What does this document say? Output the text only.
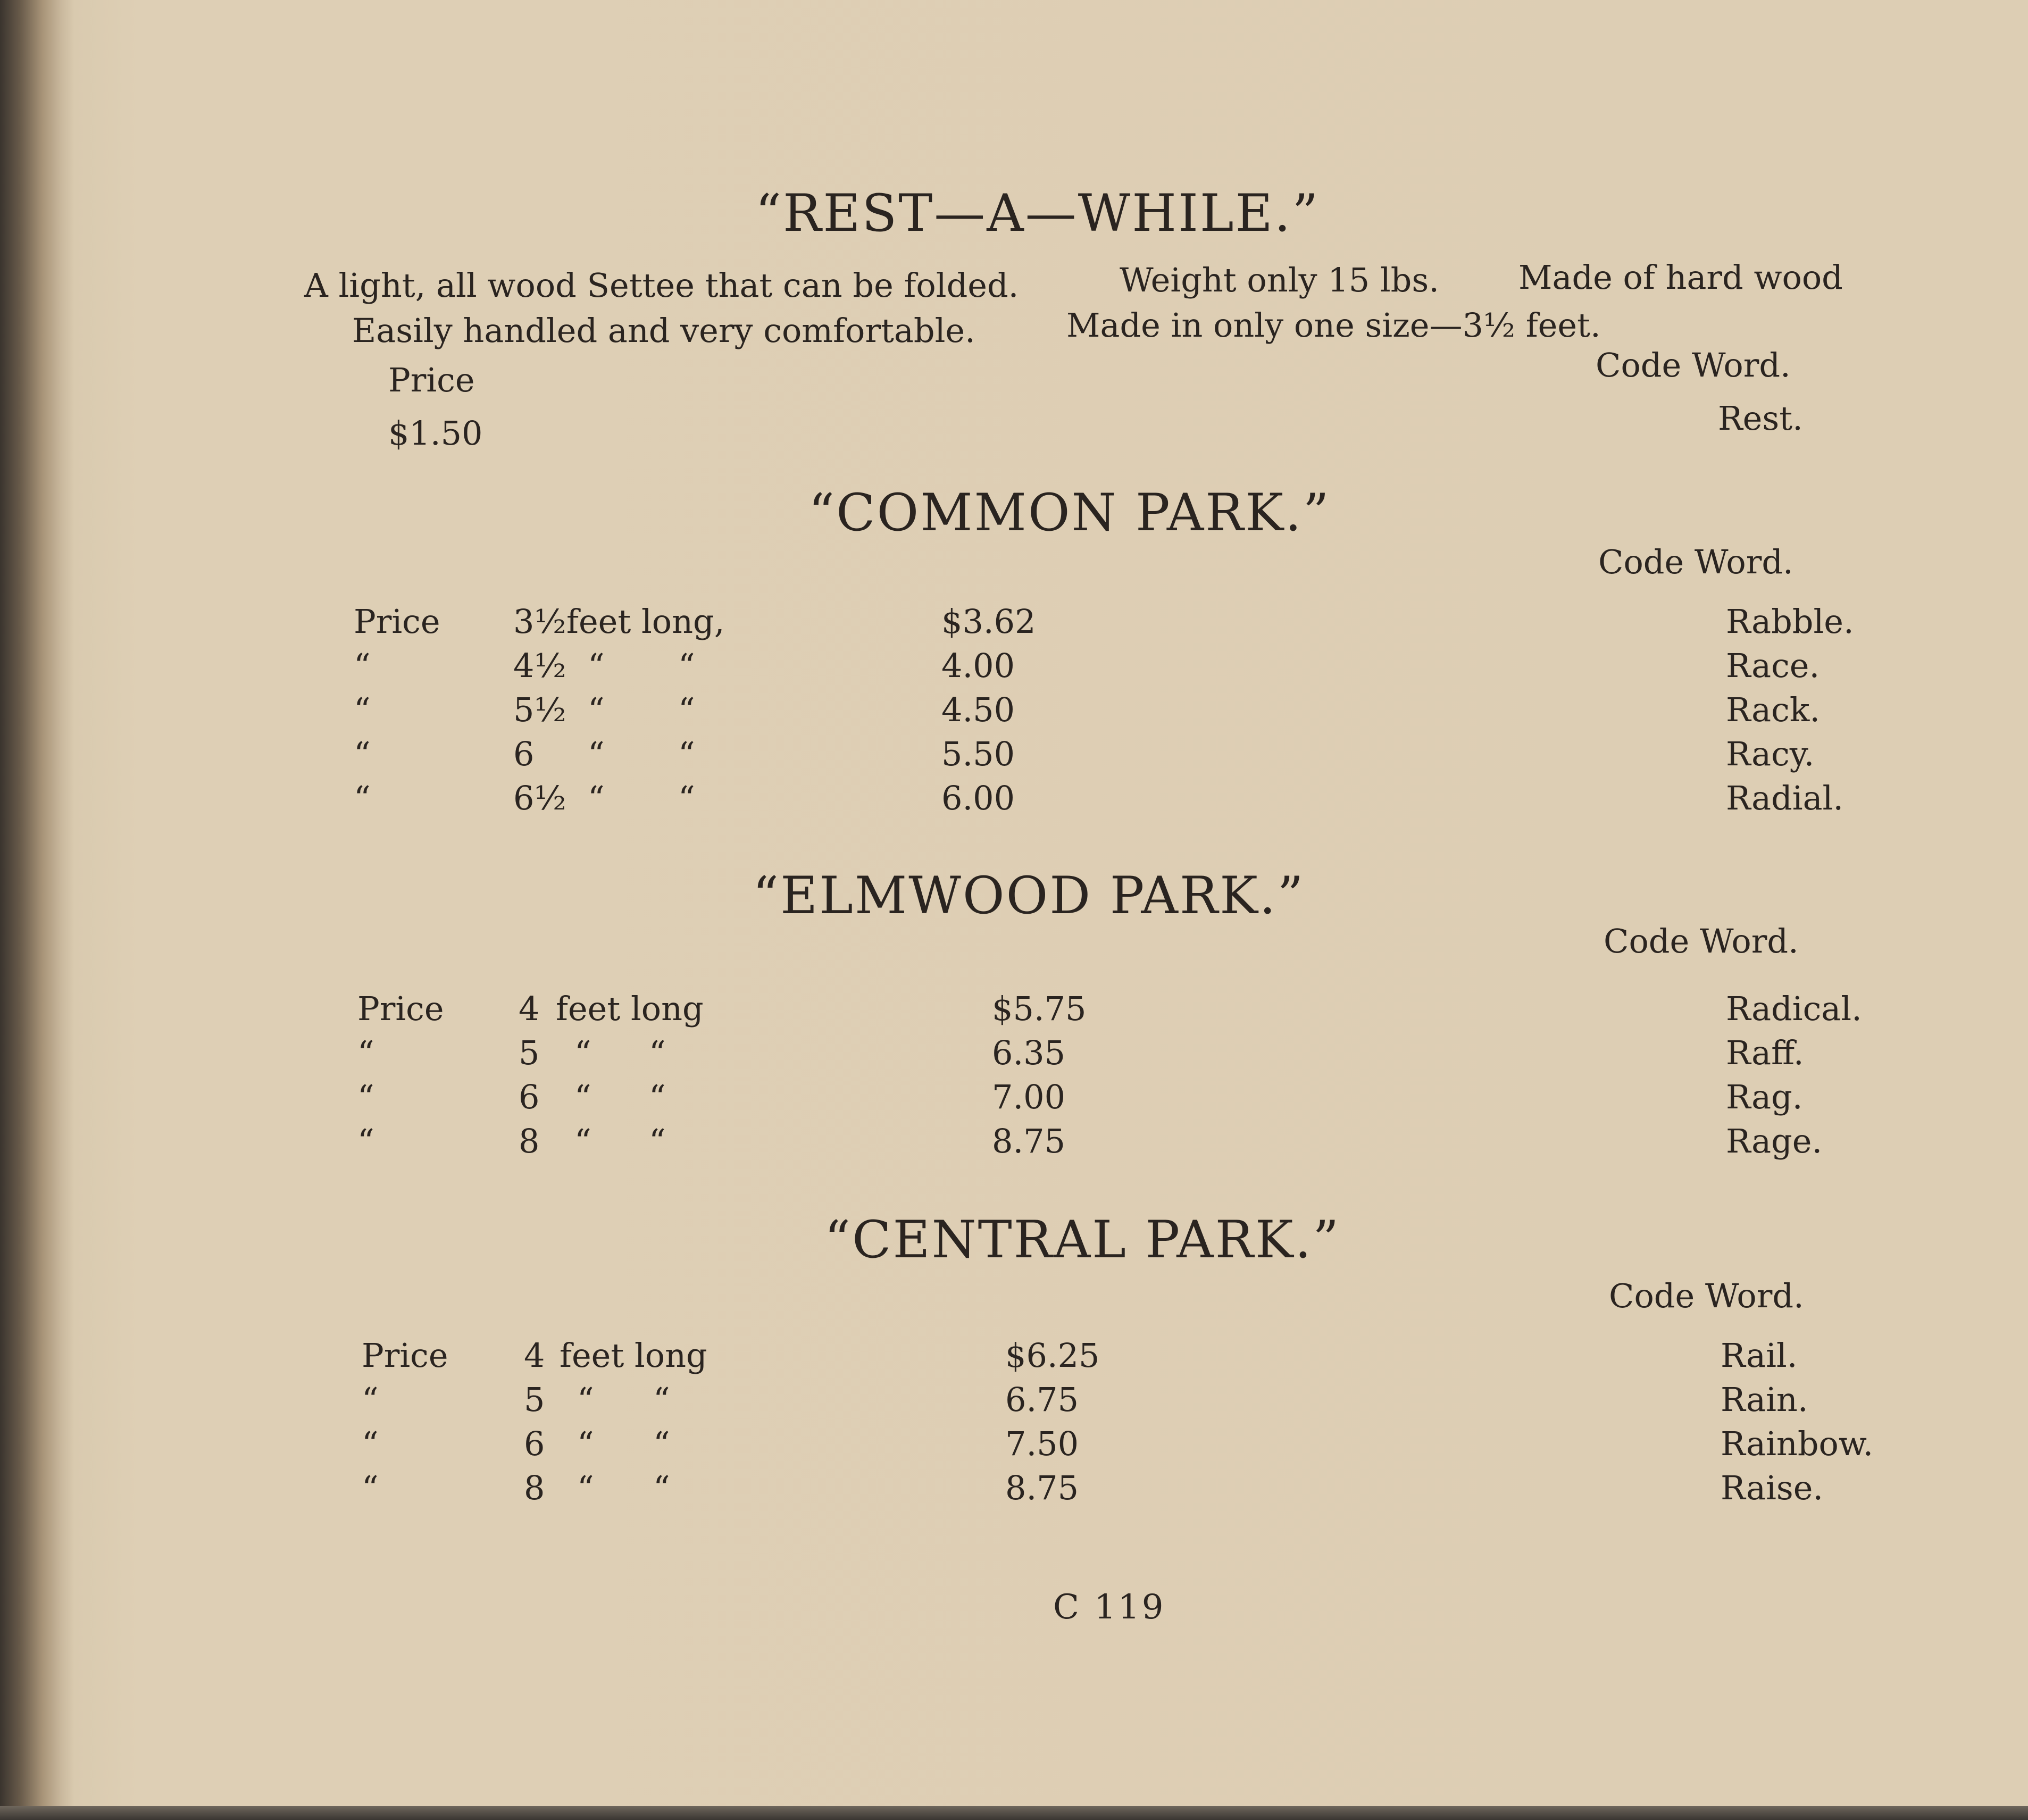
“REST—A—WHILE.”
A light, all wood Settee that can be folded.	Weight only 15 lbs. Made of hard wood
Easily handled and very comfortable.	Made in only one size—3½ feet.
Price	Code Word.
$1.50	Rest.
“COMMON PARK.”
Code Word.
Price 3½ feet long,	$3.62	Rabble.
“	4½ “ “	4.00	Race.
“	5½ “ “	4.50	Rack.
“	6 “ “	5.50	Racy.
“	6½ “ “	6.00	Radial.
“ELMWOOD PARK.”
Code Word.
Price 4 feet long	$5.75	Radical.
“	5 “ “	6.35	Raff.
“	6 “ “	7.00	Rag.
“	8 “ “	8.75	Rage.
“CENTRAL PARK.”
Code Word.
Price 4 feet long	$6.25	Rail.
“	5 “ “	6.75	Rain.
“	6 “ “	7.50	Rainbow.
“	8 “ “	8.75	Raise.
C 119
